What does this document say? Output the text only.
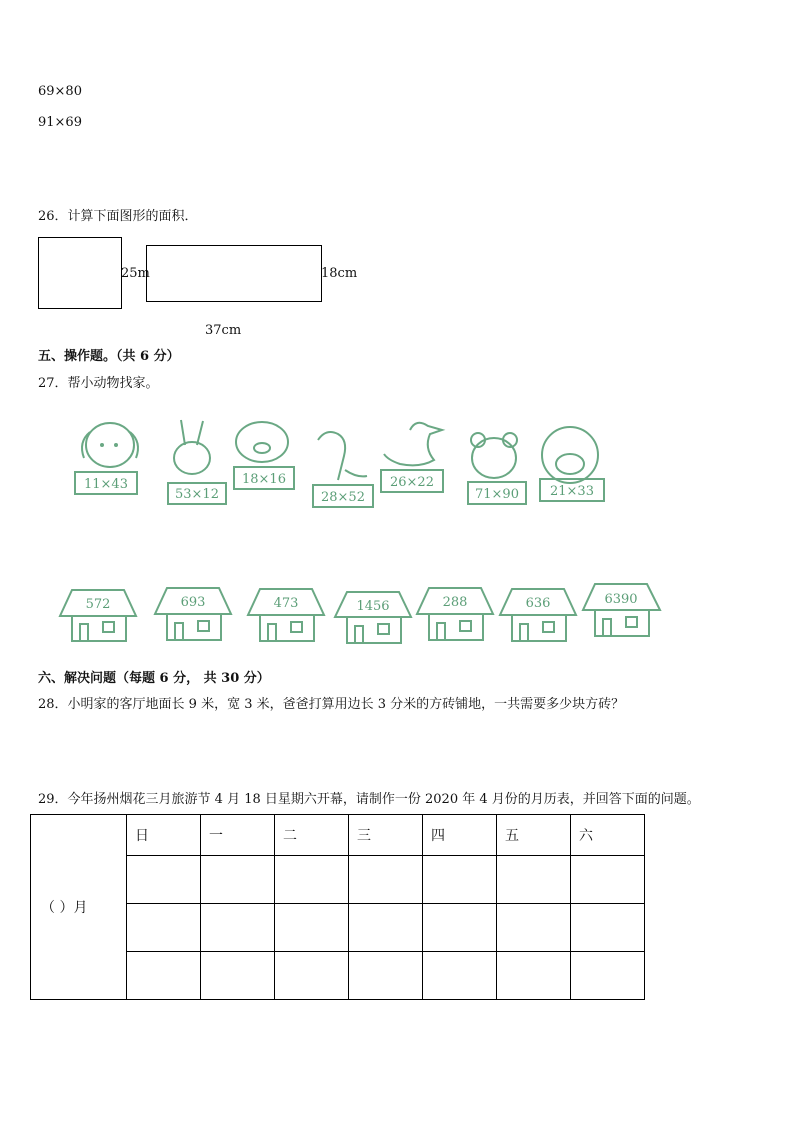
69×80
91×69
26．计算下面图形的面积．
25m	18cm
37cm
五、操作题。（共 6 分）
27．帮小动物找家。
11×43
53×12
18×16
28×52
26×22
71×90 21×33
572	693	473	1456	288	636	6390
六、解决问题（每题 6 分， 共 30 分）
28．小明家的客厅地面长 9 米，宽 3 米，爸爸打算用边长 3 分米的方砖铺地，一共需要多少块方砖？
29．今年扬州烟花三月旅游节 4 月 18 日星期六开幕，请制作一份 2020 年 4 月份的月历表，并回答下面的问题。
（ ）月	日	一	二	三	四	五	六
